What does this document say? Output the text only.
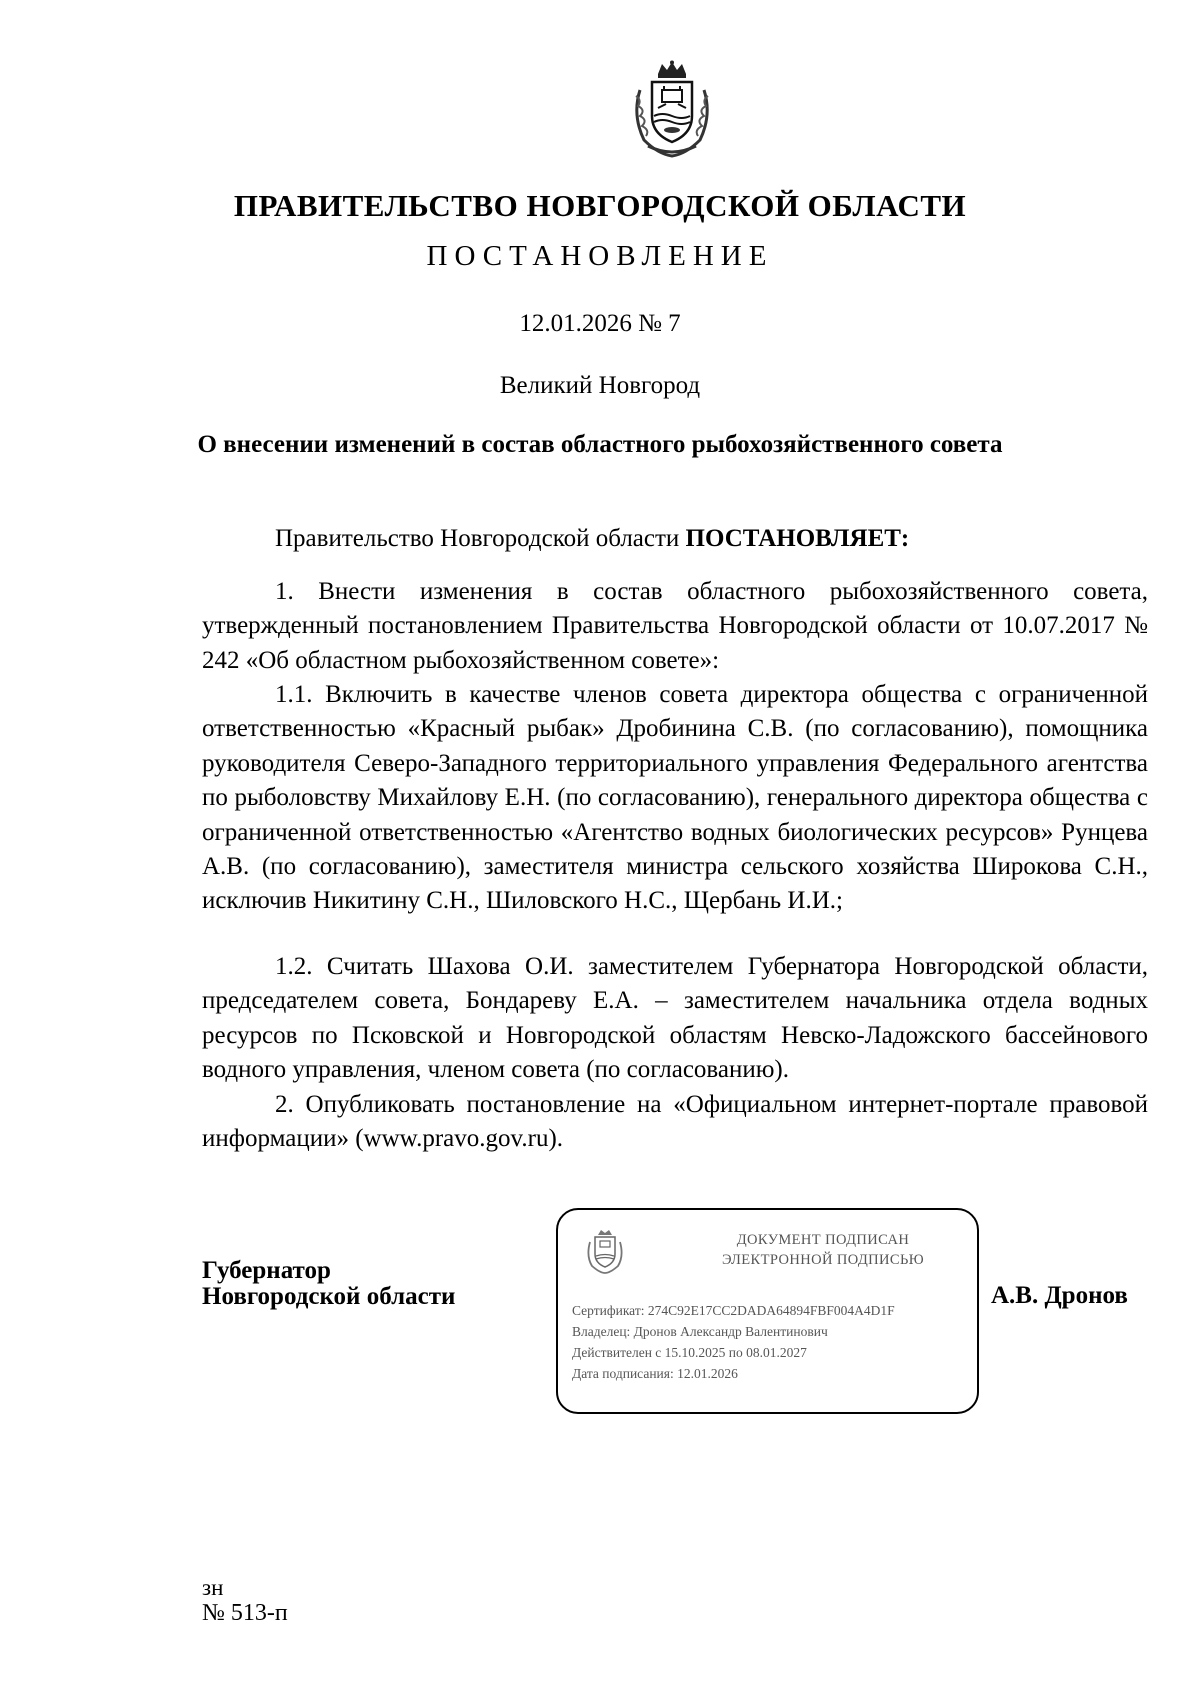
ПРАВИТЕЛЬСТВО НОВГОРОДСКОЙ ОБЛАСТИ
ПОСТАНОВЛЕНИЕ
12.01.2026 № 7
Великий Новгород
О внесении изменений в состав областного рыбохозяйственного совета
Правительство Новгородской области ПОСТАНОВЛЯЕТ:
1. Внести изменения в состав областного рыбохозяйственного совета, утвержденный постановлением Правительства Новгородской области от 10.07.2017 № 242 «Об областном рыбохозяйственном совете»:
1.1. Включить в качестве членов совета директора общества с ограниченной ответственностью «Красный рыбак» Дробинина С.В. (по согласованию), помощника руководителя Северо-Западного территориального управления Федерального агентства по рыболовству Михайлову Е.Н. (по согласованию), генерального директора общества с ограниченной ответственностью «Агентство водных биологических ресурсов» Рунцева А.В. (по согласованию), заместителя министра сельского хозяйства Широкова С.Н., исключив Никитину С.Н., Шиловского Н.С., Щербань И.И.;
1.2. Считать Шахова О.И. заместителем Губернатора Новгородской области, председателем совета, Бондареву Е.А. – заместителем начальника отдела водных ресурсов по Псковской и Новгородской областям Невско-Ладожского бассейнового водного управления, членом совета (по согласованию).
2. Опубликовать постановление на «Официальном интернет-портале правовой информации» (www.pravo.gov.ru).
Губернатор
Новгородской области
ДОКУМЕНТ ПОДПИСАН
ЭЛЕКТРОННОЙ ПОДПИСЬЮ
Сертификат: 274C92E17CC2DADA64894FBF004A4D1F
Владелец: Дронов Александр Валентинович
Действителен с 15.10.2025 по 08.01.2027
Дата подписания: 12.01.2026
А.В. Дронов
зн
№ 513-п
